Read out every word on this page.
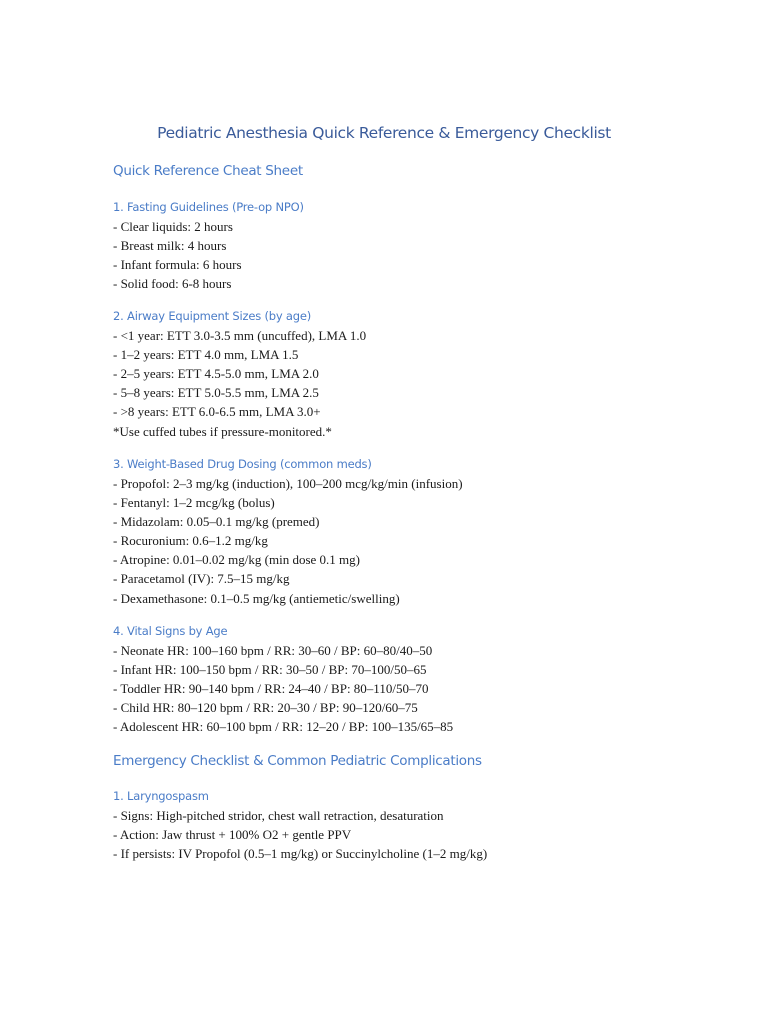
Pediatric Anesthesia Quick Reference & Emergency Checklist
Quick Reference Cheat Sheet
1. Fasting Guidelines (Pre-op NPO)

- Clear liquids: 2 hours

- Breast milk: 4 hours

- Infant formula: 6 hours

- Solid food: 6-8 hours

2. Airway Equipment Sizes (by age)

- <1 year: ETT 3.0-3.5 mm (uncuffed), LMA 1.0

- 1–2 years: ETT 4.0 mm, LMA 1.5

- 2–5 years: ETT 4.5-5.0 mm, LMA 2.0

- 5–8 years: ETT 5.0-5.5 mm, LMA 2.5

- >8 years: ETT 6.0-6.5 mm, LMA 3.0+

*Use cuffed tubes if pressure-monitored.*

3. Weight-Based Drug Dosing (common meds)

- Propofol: 2–3 mg/kg (induction), 100–200 mcg/kg/min (infusion)

- Fentanyl: 1–2 mcg/kg (bolus)

- Midazolam: 0.05–0.1 mg/kg (premed)

- Rocuronium: 0.6–1.2 mg/kg

- Atropine: 0.01–0.02 mg/kg (min dose 0.1 mg)

- Paracetamol (IV): 7.5–15 mg/kg

- Dexamethasone: 0.1–0.5 mg/kg (antiemetic/swelling)

4. Vital Signs by Age

- Neonate HR: 100–160 bpm / RR: 30–60 / BP: 60–80/40–50

- Infant HR: 100–150 bpm / RR: 30–50 / BP: 70–100/50–65

- Toddler HR: 90–140 bpm / RR: 24–40 / BP: 80–110/50–70

- Child HR: 80–120 bpm / RR: 20–30 / BP: 90–120/60–75

- Adolescent HR: 60–100 bpm / RR: 12–20 / BP: 100–135/65–85

Emergency Checklist & Common Pediatric Complications
1. Laryngospasm

- Signs: High-pitched stridor, chest wall retraction, desaturation

- Action: Jaw thrust + 100% O2 + gentle PPV

- If persists: IV Propofol (0.5–1 mg/kg) or Succinylcholine (1–2 mg/kg)
